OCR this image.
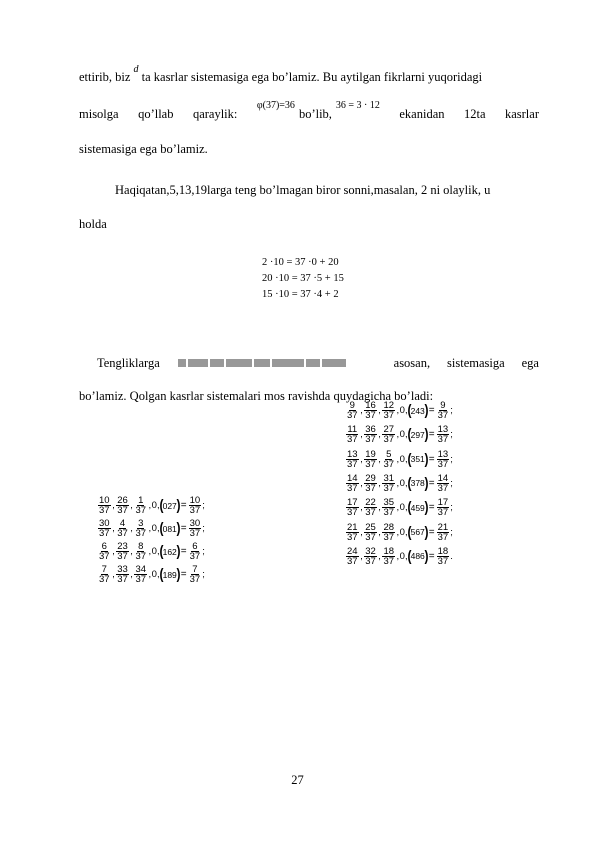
ettirib, biz $^d$ ta kasrlar sistemasiga ega bo’lamiz. Bu aytilgan fikrlarni yuqoridagi
misolga qo’llab qaraylik:
φ(37)=36
bo’lib,
36 = 3 · 12
ekanidan 12ta kasrlar
sistemasiga ega bo’lamiz.
Haqiqatan,5,13,19larga teng bo’lmagan biror sonni,masalan, 2 ni olaylik, u
holda
2 ·10 = 37 ·0 + 20
20 ·10 = 37 ·5 + 15
15 ·10 = 37 ·4 + 2
Tengliklarga	asosan, sistemasiga ega
bo’lamiz. Qolgan kasrlar sistemalari mos ravishda quydagicha bo’ladi:
$\frac{10}{37}$ , $\frac{26}{37}$ , $\frac{1}{37}$ , 0, ( 027 ) = $\frac{10}{37}$ ;
$\frac{30}{37}$ , $\frac{4}{37}$ , $\frac{3}{37}$ , 0, ( 081 ) = $\frac{30}{37}$ ;
$\frac{6}{37}$ , $\frac{23}{37}$ , $\frac{8}{37}$ , 0, ( 162 ) = $\frac{6}{37}$ ;
$\frac{7}{37}$ , $\frac{33}{37}$ , $\frac{34}{37}$ , 0, ( 189 ) = $\frac{7}{37}$ ;
$\frac{9}{37}$ , $\frac{16}{37}$ , $\frac{12}{37}$ , 0, ( 243 ) = $\frac{9}{37}$ ;
$\frac{11}{37}$ , $\frac{36}{37}$ , $\frac{27}{37}$ , 0, ( 297 ) = $\frac{13}{37}$ ;
$\frac{13}{37}$ , $\frac{19}{37}$ , $\frac{5}{37}$ , 0, ( 351 ) = $\frac{13}{37}$ ;
$\frac{14}{37}$ , $\frac{29}{37}$ , $\frac{31}{37}$ , 0, ( 378 ) = $\frac{14}{37}$ ;
$\frac{17}{37}$ , $\frac{22}{37}$ , $\frac{35}{37}$ , 0, ( 459 ) = $\frac{17}{37}$ ;
$\frac{21}{37}$ , $\frac{25}{37}$ , $\frac{28}{37}$ , 0, ( 567 ) = $\frac{21}{37}$ ;
$\frac{24}{37}$ , $\frac{32}{37}$ , $\frac{18}{37}$ , 0, ( 486 ) = $\frac{18}{37}$ .
27
